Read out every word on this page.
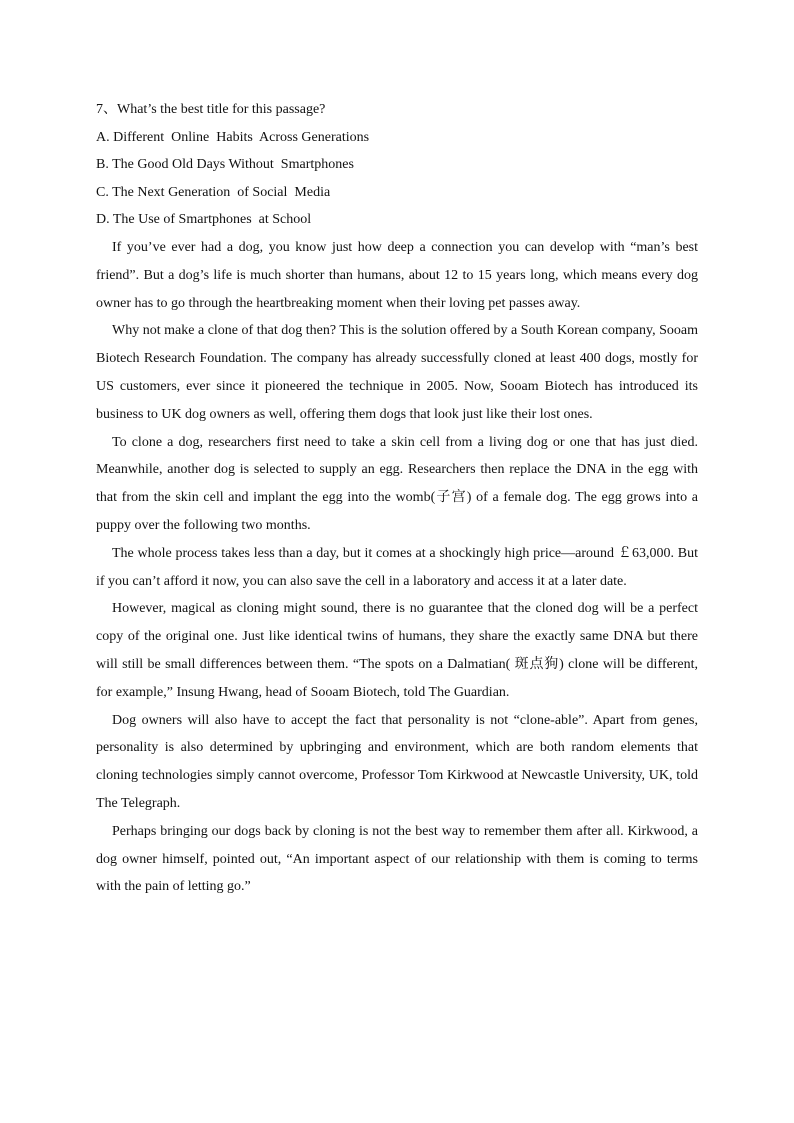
7、What’s the best title for this passage?
A. Different  Online  Habits  Across Generations
B. The Good Old Days Without  Smartphones
C. The Next Generation  of Social  Media
D. The Use of Smartphones  at School

If you’ve ever had a dog, you know just how deep a connection you can develop with “man’s best friend”. But a dog’s life is much shorter than humans, about 12 to 15 years long, which means every dog owner has to go through the heartbreaking moment when their loving pet passes away.

Why not make a clone of that dog then? This is the solution offered by a South Korean company, Sooam Biotech Research Foundation. The company has already successfully cloned at least 400 dogs, mostly for US customers, ever since it pioneered the technique in 2005. Now, Sooam Biotech has introduced its business to UK dog owners as well, offering them dogs that look just like their lost ones.

To clone a dog, researchers first need to take a skin cell from a living dog or one that has just died. Meanwhile, another dog is selected to supply an egg. Researchers then replace the DNA in the egg with that from the skin cell and implant the egg into the womb(子宫) of a female dog. The egg grows into a puppy over the following two months.

The whole process takes less than a day, but it comes at a shockingly high price—around ￡63,000. But if you can’t afford it now, you can also save the cell in a laboratory and access it at a later date.

However, magical as cloning might sound, there is no guarantee that the cloned dog will be a perfect copy of the original one. Just like identical twins of humans, they share the exactly same DNA but there will still be small differences between them. “The spots on a Dalmatian( 斑点狗) clone will be different, for example,” Insung Hwang, head of Sooam Biotech, told The Guardian.

Dog owners will also have to accept the fact that personality is not “clone-able”. Apart from genes, personality is also determined by upbringing and environment, which are both random elements that cloning technologies simply cannot overcome, Professor Tom Kirkwood at Newcastle University, UK, told The Telegraph.

Perhaps bringing our dogs back by cloning is not the best way to remember them after all. Kirkwood, a dog owner himself, pointed out, “An important aspect of our relationship with them is coming to terms with the pain of letting go.”
